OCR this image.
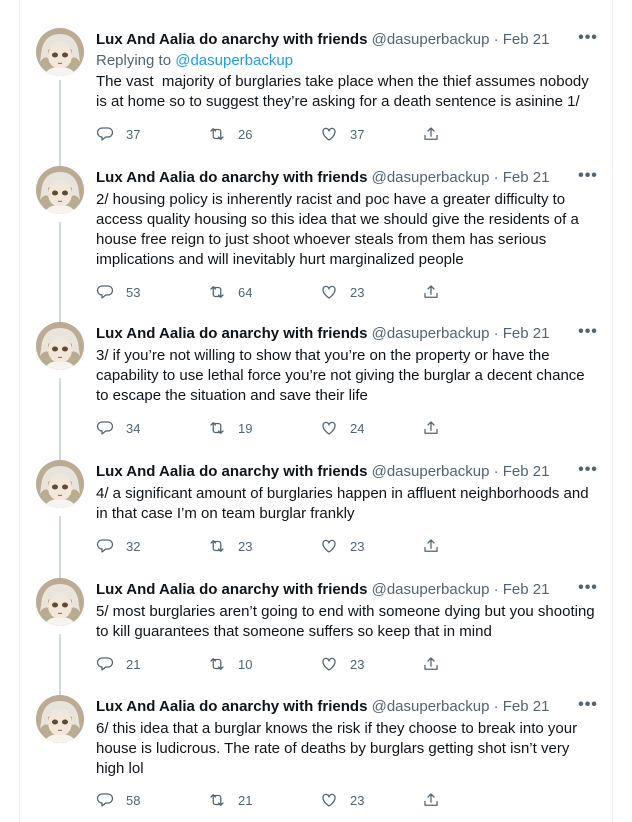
Lux And Aalia do anarchy with friends @dasuperbackup · Feb 21 •••
Replying to @dasuperbackup
The vast  majority of burglaries take place when the thief assumes nobody
is at home so to suggest they’re asking for a death sentence is asinine 1/
37	26	37
Lux And Aalia do anarchy with friends @dasuperbackup · Feb 21 •••
2/ housing policy is inherently racist and poc have a greater difficulty to
access quality housing so this idea that we should give the residents of a
house free reign to just shoot whoever steals from them has serious
implications and will inevitably hurt marginalized people
53	64	23
Lux And Aalia do anarchy with friends @dasuperbackup · Feb 21 •••
3/ if you’re not willing to show that you’re on the property or have the
capability to use lethal force you’re not giving the burglar a decent chance
to escape the situation and save their life
34	19	24
Lux And Aalia do anarchy with friends @dasuperbackup · Feb 21 •••
4/ a significant amount of burglaries happen in affluent neighborhoods and
in that case I’m on team burglar frankly
32	23	23
Lux And Aalia do anarchy with friends @dasuperbackup · Feb 21 •••
5/ most burglaries aren’t going to end with someone dying but you shooting
to kill guarantees that someone suffers so keep that in mind
21	10	23
Lux And Aalia do anarchy with friends @dasuperbackup · Feb 21 •••
6/ this idea that a burglar knows the risk if they choose to break into your
house is ludicrous. The rate of deaths by burglars getting shot isn’t very
high lol
58	21	23
